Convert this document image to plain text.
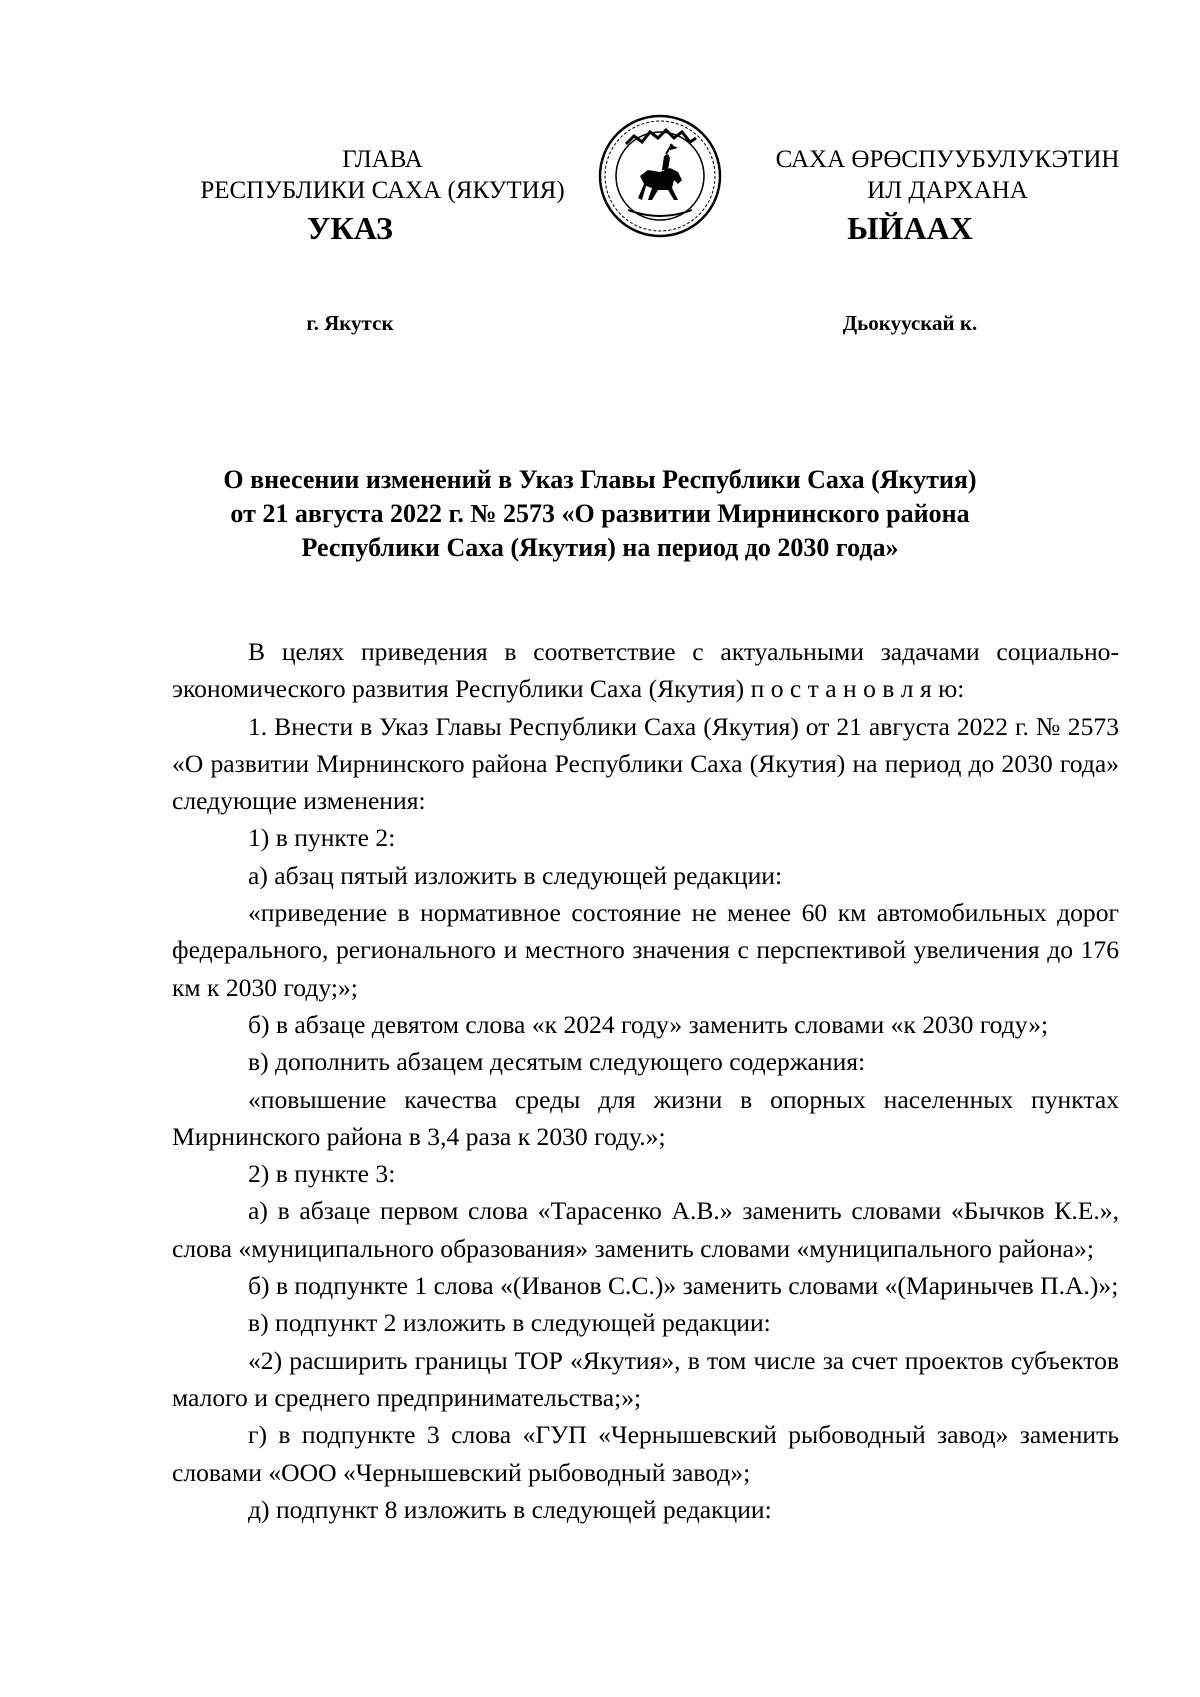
ГЛАВА
РЕСПУБЛИКИ САХА (ЯКУТИЯ)
САХА ӨРӨСПУУБУЛУКЭТИН
ИЛ ДАРХАНА
УКАЗ	ЫЙААХ
г. Якутск	Дьокуускай к.
О внесении изменений в Указ Главы Республики Саха (Якутия)
от 21 августа 2022 г. № 2573 «О развитии Мирнинского района
Республики Саха (Якутия) на период до 2030 года»

В целях приведения в соответствие с актуальными задачами социально-экономического развития Республики Саха (Якутия) п о с т а н о в л я ю:

1. Внести в Указ Главы Республики Саха (Якутия) от 21 августа 2022 г. № 2573 «О развитии Мирнинского района Республики Саха (Якутия) на период до 2030 года» следующие изменения:

1) в пункте 2:

а) абзац пятый изложить в следующей редакции:

«приведение в нормативное состояние не менее 60 км автомобильных дорог федерального, регионального и местного значения с перспективой увеличения до 176 км к 2030 году;»;

б) в абзаце девятом слова «к 2024 году» заменить словами «к 2030 году»;

в) дополнить абзацем десятым следующего содержания:

«повышение качества среды для жизни в опорных населенных пунктах Мирнинского района в 3,4 раза к 2030 году.»;

2) в пункте 3:

а) в абзаце первом слова «Тарасенко А.В.» заменить словами «Бычков К.Е.», слова «муниципального образования» заменить словами «муниципального района»;

б) в подпункте 1 слова «(Иванов С.С.)» заменить словами «(Маринычев П.А.)»;

в) подпункт 2 изложить в следующей редакции:

«2) расширить границы ТОР «Якутия», в том числе за счет проектов субъектов малого и среднего предпринимательства;»;

г) в подпункте 3 слова «ГУП «Чернышевский рыбоводный завод» заменить словами «ООО «Чернышевский рыбоводный завод»;

д) подпункт 8 изложить в следующей редакции:
